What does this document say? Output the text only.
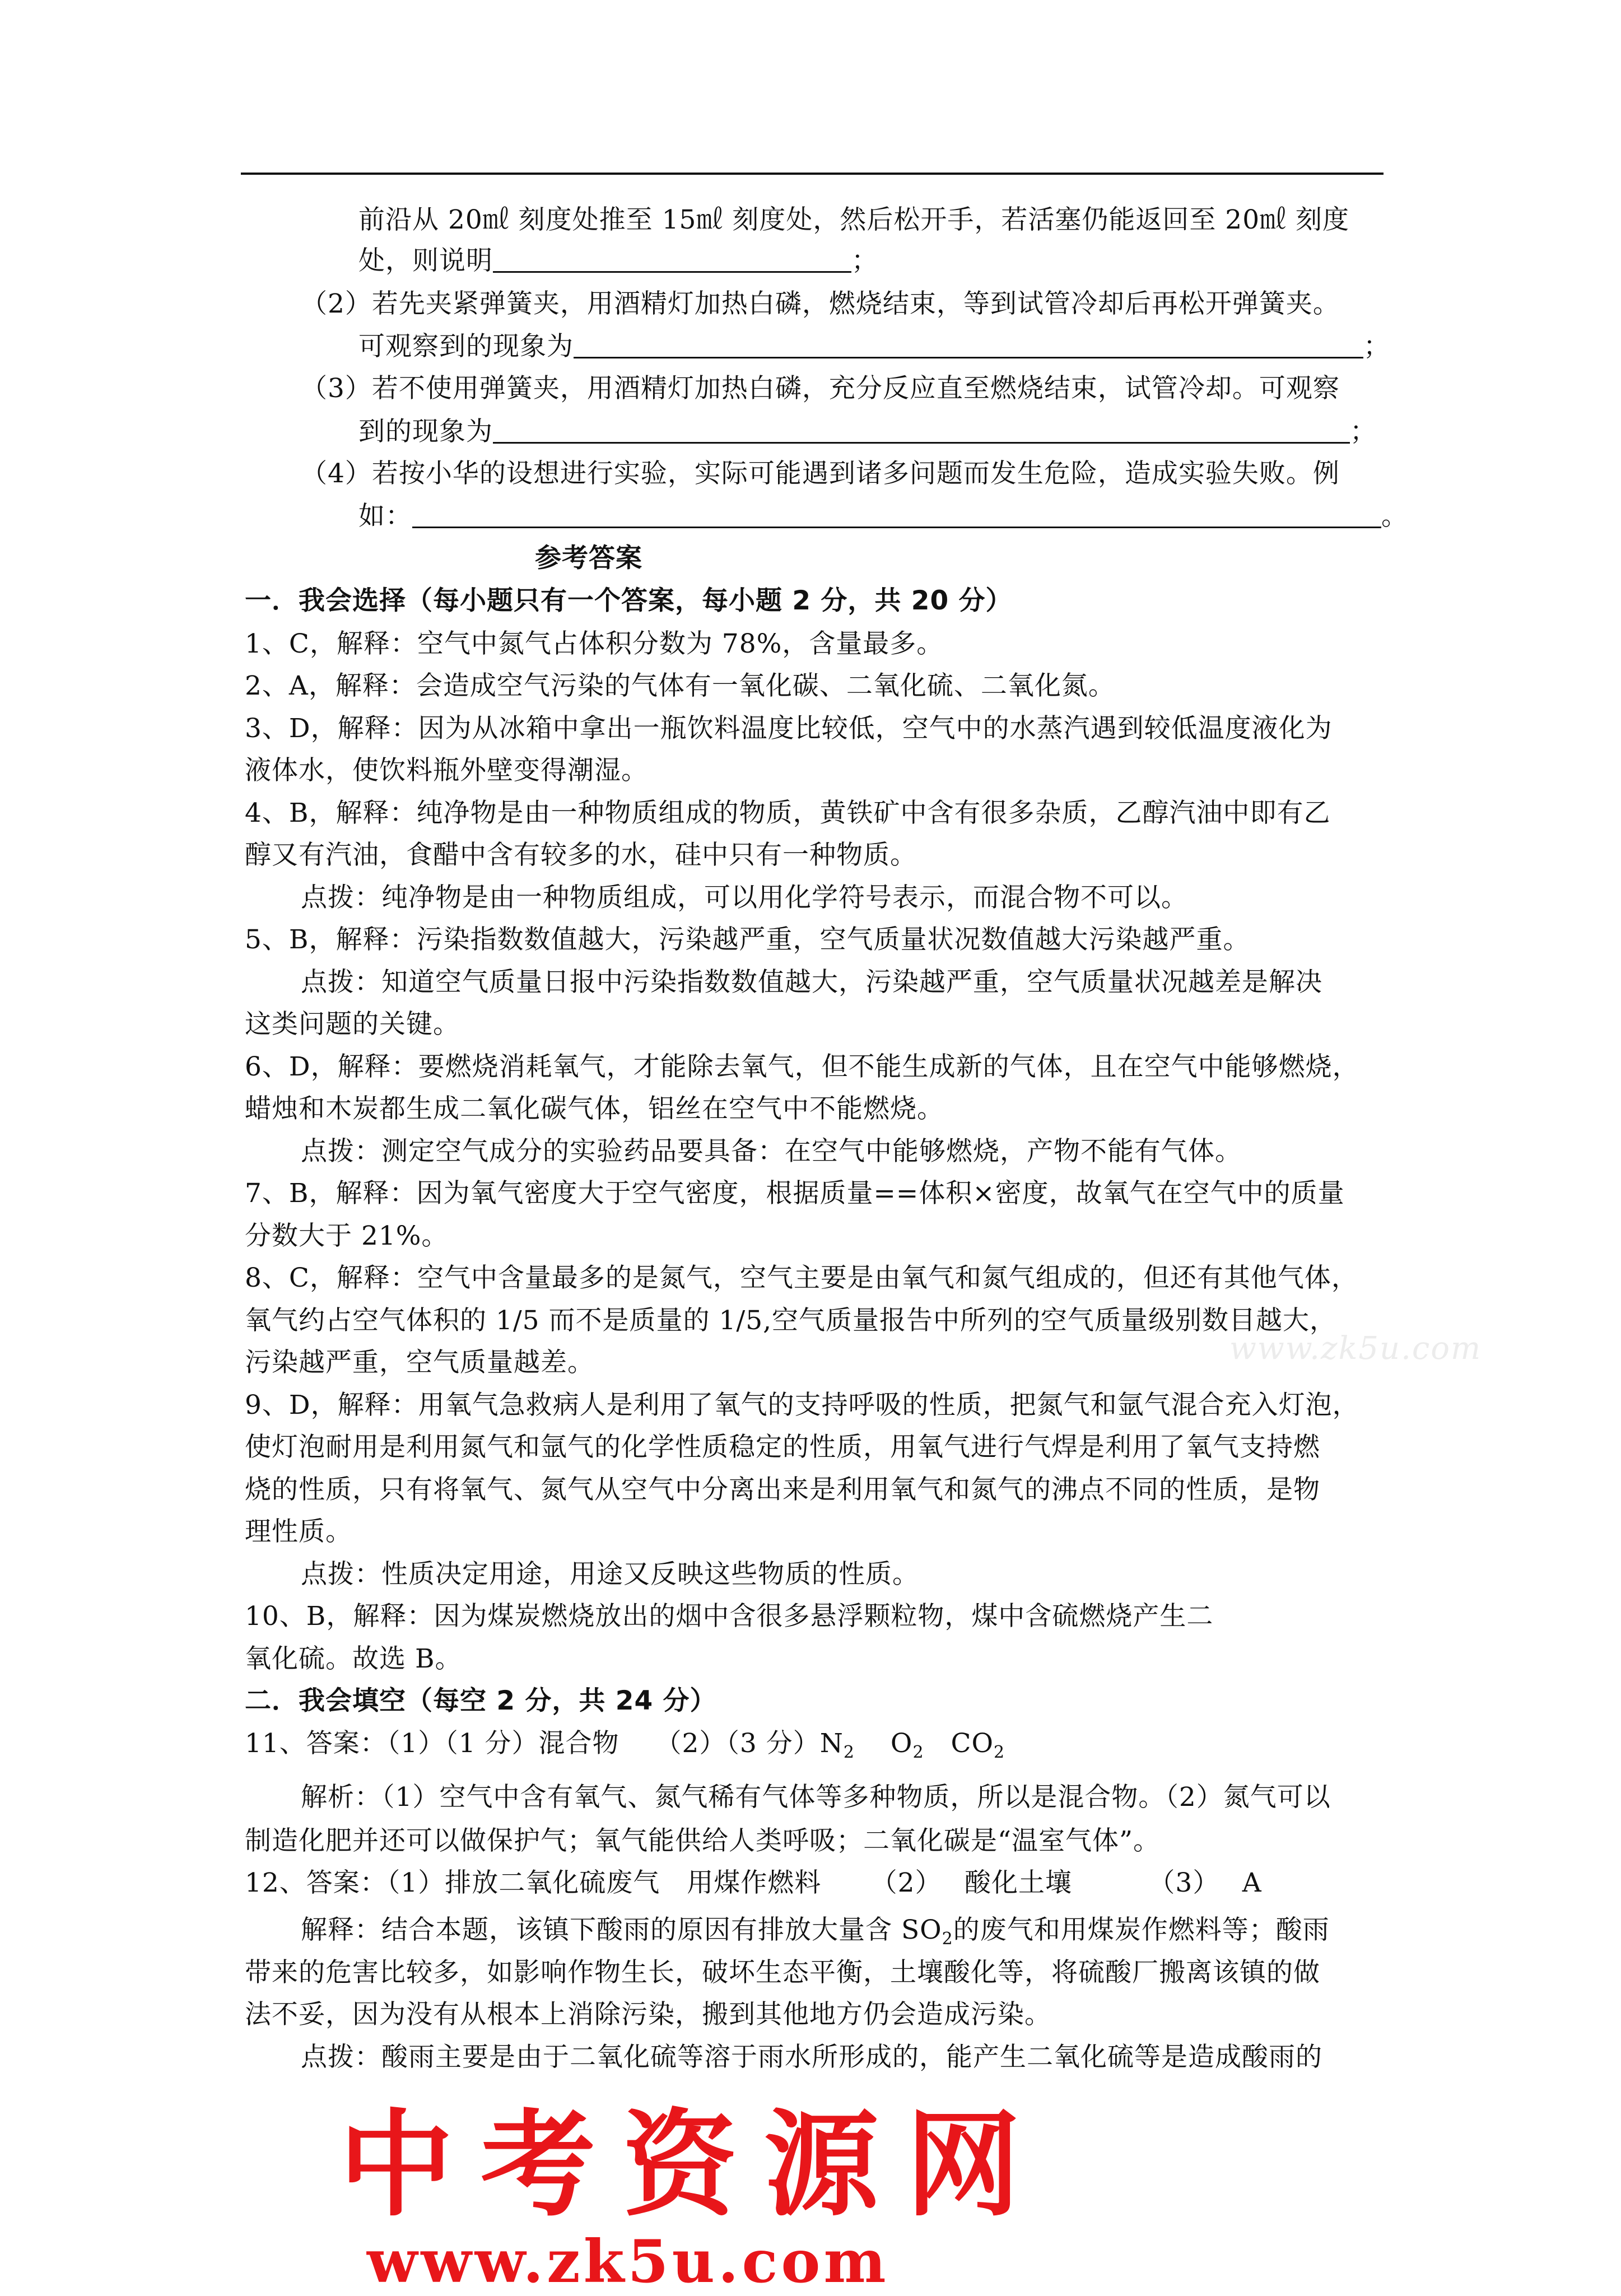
前沿从 20㎖ 刻度处推至 15㎖ 刻度处，然后松开手，若活塞仍能返回至 20㎖ 刻度
处，则说明	；
（2）若先夹紧弹簧夹，用酒精灯加热白磷，燃烧结束，等到试管冷却后再松开弹簧夹。
可观察到的现象为	；
（3）若不使用弹簧夹，用酒精灯加热白磷，充分反应直至燃烧结束，试管冷却。可观察
到的现象为	；
（4）若按小华的设想进行实验，实际可能遇到诸多问题而发生危险，造成实验失败。例
如：	。
参考答案
一．我会选择（每小题只有一个答案，每小题 2 分，共 20 分）
1、C，解释：空气中氮气占体积分数为 78%，含量最多。
2、A，解释：会造成空气污染的气体有一氧化碳、二氧化硫、二氧化氮。
3、D，解释：因为从冰箱中拿出一瓶饮料温度比较低，空气中的水蒸汽遇到较低温度液化为
液体水，使饮料瓶外壁变得潮湿。
4、B，解释：纯净物是由一种物质组成的物质，黄铁矿中含有很多杂质，乙醇汽油中即有乙
醇又有汽油，食醋中含有较多的水，硅中只有一种物质。
点拨：纯净物是由一种物质组成，可以用化学符号表示，而混合物不可以。
5、B，解释：污染指数数值越大，污染越严重，空气质量状况数值越大污染越严重。
点拨：知道空气质量日报中污染指数数值越大，污染越严重，空气质量状况越差是解决
这类问题的关键。
6、D，解释：要燃烧消耗氧气，才能除去氧气，但不能生成新的气体，且在空气中能够燃烧，
蜡烛和木炭都生成二氧化碳气体，铝丝在空气中不能燃烧。
点拨：测定空气成分的实验药品要具备：在空气中能够燃烧，产物不能有气体。
7、B，解释：因为氧气密度大于空气密度，根据质量==体积×密度，故氧气在空气中的质量
分数大于 21%。
8、C，解释：空气中含量最多的是氮气，空气主要是由氧气和氮气组成的，但还有其他气体，
氧气约占空气体积的 1/5 而不是质量的 1/5,空气质量报告中所列的空气质量级别数目越大，
污染越严重，空气质量越差。
9、D，解释：用氧气急救病人是利用了氧气的支持呼吸的性质，把氮气和氩气混合充入灯泡，
使灯泡耐用是利用氮气和氩气的化学性质稳定的性质，用氧气进行气焊是利用了氧气支持燃
烧的性质，只有将氧气、氮气从空气中分离出来是利用氧气和氮气的沸点不同的性质，是物
理性质。
点拨：性质决定用途，用途又反映这些物质的性质。
10、B，解释：因为煤炭燃烧放出的烟中含很多悬浮颗粒物，煤中含硫燃烧产生二
氧化硫。故选 B。
二．我会填空（每空 2 分，共 24 分）
11、答案：（1）（1 分）混合物　 （2）（3 分）$N_2$　 $O_2$　$CO_2$
解析：（1）空气中含有氧气、氮气稀有气体等多种物质，所以是混合物。（2）氮气可以
制造化肥并还可以做保护气；氧气能供给人类呼吸；二氧化碳是“温室气体”。
12、答案：（1）排放二氧化硫废气　用煤作燃料　 　（2）　 酸化土壤　　 　（3）　 A
解释：结合本题，该镇下酸雨的原因有排放大量含 $SO_2$的废气和用煤炭作燃料等；酸雨
带来的危害比较多，如影响作物生长，破坏生态平衡，土壤酸化等，将硫酸厂搬离该镇的做
法不妥，因为没有从根本上消除污染，搬到其他地方仍会造成污染。
点拨：酸雨主要是由于二氧化硫等溶于雨水所形成的，能产生二氧化硫等是造成酸雨的
www.zk5u.com
中考资源网
www.zk5u.com
